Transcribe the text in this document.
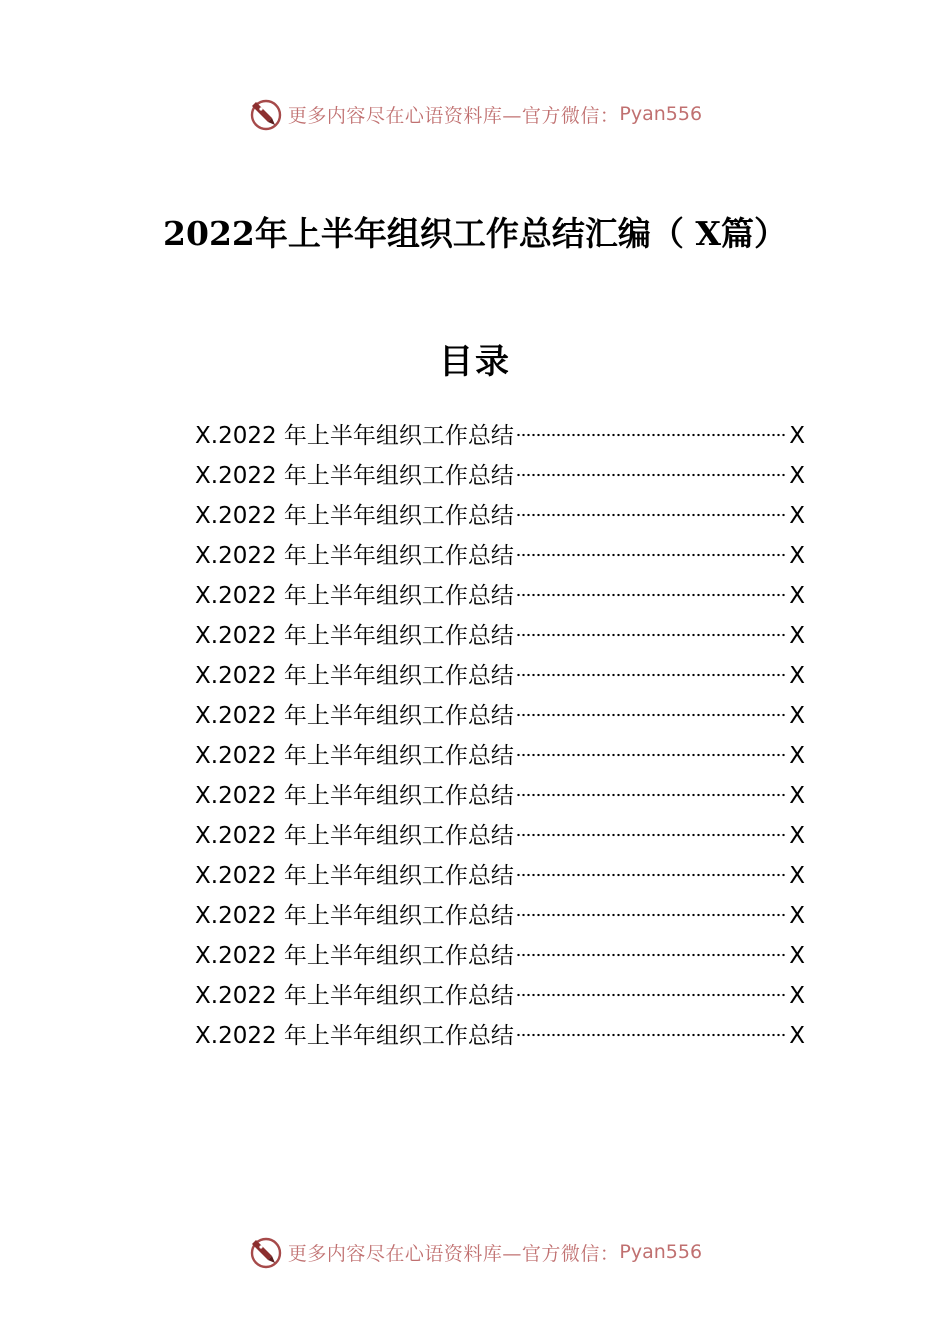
更多内容尽在心语资料库—官方微信： Pyan556
2022年上半年组织工作总结汇编（ X篇）
目录
X.2022 年上半年组织工作总结	X
X.2022 年上半年组织工作总结	X
X.2022 年上半年组织工作总结	X
X.2022 年上半年组织工作总结	X
X.2022 年上半年组织工作总结	X
X.2022 年上半年组织工作总结	X
X.2022 年上半年组织工作总结	X
X.2022 年上半年组织工作总结	X
X.2022 年上半年组织工作总结	X
X.2022 年上半年组织工作总结	X
X.2022 年上半年组织工作总结	X
X.2022 年上半年组织工作总结	X
X.2022 年上半年组织工作总结	X
X.2022 年上半年组织工作总结	X
X.2022 年上半年组织工作总结	X
X.2022 年上半年组织工作总结	X
更多内容尽在心语资料库—官方微信： Pyan556
